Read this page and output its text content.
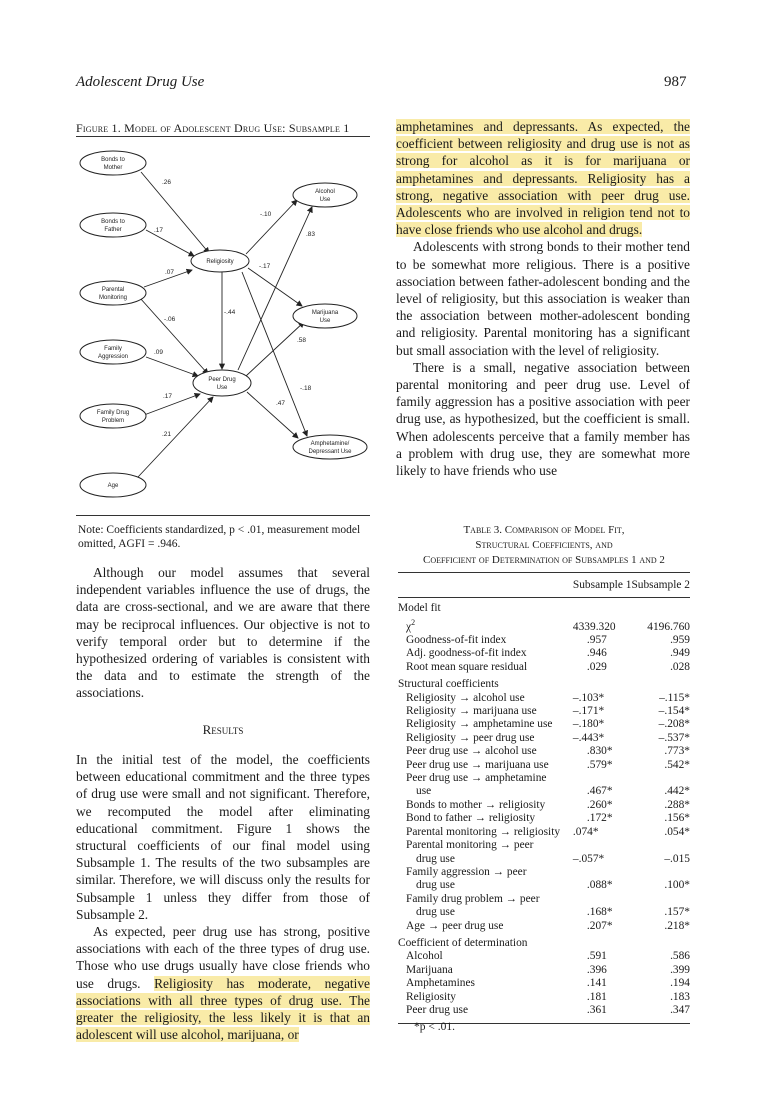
Adolescent Drug Use	987
Figure 1. Model of Adolescent Drug Use: Subsample 1
Bonds to
Mother
Bonds to
Father
Parental
Monitoring
Family
Aggression
Family Drug
Problem
Age
Religiosity
Peer Drug
Use
Alcohol
Use
Marijuana
Use
Amphetamine/
Depressant Use
.26
.17
.07
-.06
.09
.17
.21
-.10
-.17
-.44
-.18
.83
.58
.47
Note: Coefficients standardized, p < .01, measurement model omitted, AGFI = .946.

Although our model assumes that several independent variables influence the use of drugs, the data are cross-sectional, and we are aware that there may be reciprocal influences. Our objective is not to verify temporal order but to determine if the hypothesized ordering of variables is consistent with the data and to estimate the strength of the associations.

Results

In the initial test of the model, the coefficients between educational commitment and the three types of drug use were small and not significant. Therefore, we recomputed the model after eliminating educational commitment. Figure 1 shows the structural coefficients of our final model using Subsample 1. The results of the two subsamples are similar. Therefore, we will discuss only the results for Subsample 1 unless they differ from those of Subsample 2.

As expected, peer drug use has strong, positive associations with each of the three types of drug use. Those who use drugs usually have close friends who use drugs. Religiosity has moderate, negative associations with all three types of drug use. The greater the religiosity, the less likely it is that an adolescent will use alcohol, marijuana, or

amphetamines and depressants. As expected, the coefficient between religiosity and drug use is not as strong for alcohol as it is for marijuana or amphetamines and depressants. Religiosity has a strong, negative association with peer drug use. Adolescents who are involved in religion tend not to have close friends who use alcohol and drugs.

Adolescents with strong bonds to their mother tend to be somewhat more religious. There is a positive association between father-adolescent bonding and the level of religiosity, but this association is weaker than the association between mother-adolescent bonding and religiosity. Parental monitoring has a significant but small association with the level of religiosity.

There is a small, negative association between parental monitoring and peer drug use. Level of family aggression has a positive association with peer drug use, as hypothesized, but the coefficient is small. When adolescents perceive that a family member has a problem with drug use, they are somewhat more likely to have friends who use

Table 3. Comparison of Model Fit,
Structural Coefficients, and
Coefficient of Determination of Subsamples 1 and 2
	Subsample 1	Subsample 2
Model fit		
$\chi^2$	4339.320	4196.760
Goodness-of-fit index	.957	.959
Adj. goodness-of-fit index	.946	.949
Root mean square residual	.029	.028
Structural coefficients		
Religiosity → alcohol use	–.103*	–.115*
Religiosity → marijuana use	–.171*	–.154*
Religiosity → amphetamine use	–.180*	–.208*
Religiosity → peer drug use	–.443*	–.537*
Peer drug use → alcohol use	.830*	.773*
Peer drug use → marijuana use	.579*	.542*
Peer drug use → amphetamine		
use	.467*	.442*
Bonds to mother → religiosity	.260*	.288*
Bond to father → religiosity	.172*	.156*
Parental monitoring → religiosity	.074*	.054*
Parental monitoring → peer		
drug use	–.057*	–.015
Family aggression → peer		
drug use	.088*	.100*
Family drug problem → peer		
drug use	.168*	.157*
Age → peer drug use	.207*	.218*
Coefficient of determination		
Alcohol	.591	.586
Marijuana	.396	.399
Amphetamines	.141	.194
Religiosity	.181	.183
Peer drug use	.361	.347
*p < .01.
